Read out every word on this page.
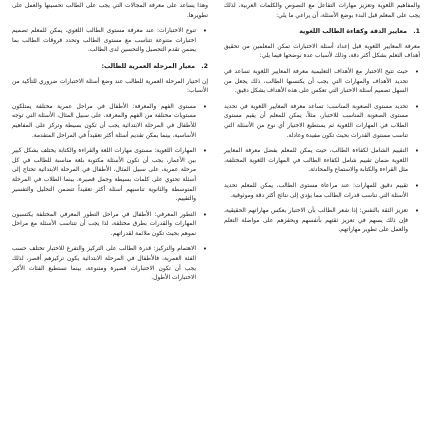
والمفاهيم اللغوية وتعزيز مهارات التفاعل مع النصوص والكلمات العربية، لذلك يجب على المعلم قبل البدء بوضع الأسئلة، أن يراعي ما يلي:

1. معايير الدقة وكفاءة الطالب اللغوية

معرفة المعايير اللغوية قبل إعداد أسئلة الاختبارات تمكن المعلمين من تحقيق أهداف التعلم بشكل أكثر دقة، وذلك لأسباب عدة نوضحها فيما يلي:

• حيث تتيح الاختبار مع الأهداف التعليمية معرفة المعايير اللغوية تساعد في تحديد الأهداف والمهارات التي يجب أن يكتسبها الطالب، ذلك يجعل من السهل تصميم أسئلة الاختبار التي تعكس على هذه الأهداف بشكل دقيق.

• تحديد مستوى الصعوبة المناسب: تساعد معرفة المعايير اللغوية في تحديد مستوى الصعوبة المناسب للاختبار، مثلاً، يمكن للمعلم أن يقيم مستوى الطلاب في المهارات اللغوية ثم يستطيع الاختيار أي نوع من الأسئلة التي تناسب مستوى القدرات بحيث تكون مفيدة وعادلة.

• التقييم الشامل لكفاءة الطالب، حيث يمكن للمعلم بفضل معرفة المعايير اللغوية ضمان تقييم شامل لكفاءة الطالب في المهارات اللغوية المختلفة، مثل القراءة والكتابة والاستماع والمحادثة.

• تقييم دقيق للمهارات: عند مراعاة مستوى الطالب، يمكن للمعلم تحديد الأسئلة التي تناسب قدرات الطالب مما يؤدي إلى نتائج أكثر دقة وموثوقية.

• تعزيز الثقة بالنفس: إذا شعر الطالب بأن الاختبار يعكس مهاراتهم الحقيقية، فإن ذلك يسهم في تعزيز ثقتهم بأنفسهم ويحفزهم على مواصلة التعلم والعمل على تطوير مهاراتهم.

وهذا يساعد على معرفة المجالات التي يجب على الطالب تحسينها والعمل على تطويرها.

• تنوع الاختبارات: عند معرفة مستوى الطالب اللغوي، يمكن للمعلم تصميم اختبارات متنوعة تتناسب مع مستوى الطالب وتحدد فروقات الطالب بما يضمن تقدم التحصيل والتحسين لدى الطالب.

2. معيار المرحلة العمرية للطالب:

إن اختيار المرحلة العمرية للطالب عند وضع أسئلة الاختبارات ضروري للتأكيد من الأسباب:

• مستوى الفهم والمعرفة: الأطفال في مراحل عمرية مختلفة يمتلكون مستويات مختلفة من الفهم والمعرفة، على سبيل المثال، الأسئلة التي توجه للأطفال في المرحلة الابتدائية يجب أن تكون بسيطة وتركز على المفاهيم الأساسية، بينما يمكن تقديم أسئلة أكثر تعقيداً في المراحل المتقدمة.

• المهارات اللغوية: مستوى مهارات اللغة والقراءة والكتابة يختلف بشكل كبير بين الأعمار، يجب أن تكون الأسئلة مكتوبة بلغة مناسبة للطالب في كل مرحلة عمرية، على سبيل المثال، الأطفال في المرحلة الابتدائية تحتاج إلى أسئلة تحتوي على كلمات بسيطة وجمل قصيرة، بينما الطلاب في المرحلة المتوسطة والثانوية تناسبهم أسئلة أكثر تعقيداً تتضمن التحليل والتفسير والتقييم.

• التطور المعرفي: الأطفال في مراحل التطور المعرفي المختلفة يكتسبون المهارات والقدرات بطرق مختلفة، لذا يجب أن تتناسب الأسئلة مع مراحل نموهم بحيث تكون ملائمة لقدراتهم.

• الاهتمام والتركيز: قدرة الطالب على التركيز والتفرغ للاختبار تختلف حسب الفئة العمرية، فالأطفال في المرحلة الابتدائية يكون تركيزهم أقصر، لذلك يجب أن تكون الاختبارات قصيرة ومتنوعة، بينما تستطيع الفئات الأكبر الاختبارات الأطول.
